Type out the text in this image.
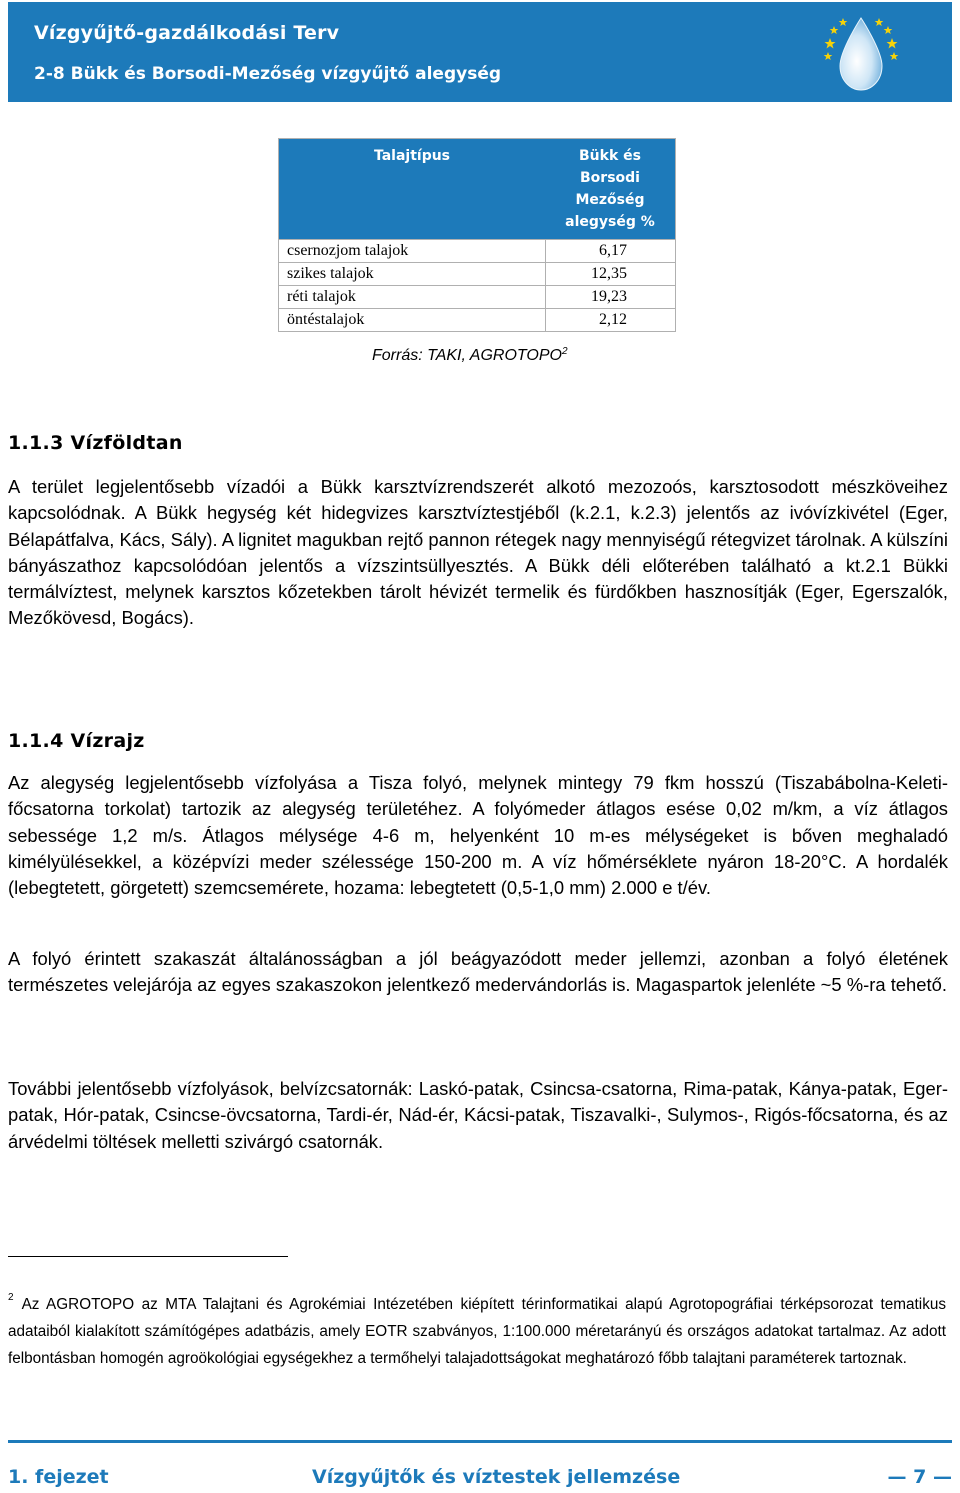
Vízgyűjtő-gazdálkodási Terv
2-8 Bükk és Borsodi-Mezőség vízgyűjtő alegység
Talajtípus	Bükk és
Borsodi
Mezőség
alegység %

csernozjom talajok	6,17
szikes talajok	12,35
réti talajok	19,23
öntéstalajok	2,12
Forrás: TAKI, AGROTOPO$^2$
1.1.3 Vízföldtan

A terület legjelentősebb vízadói a Bükk karsztvízrendszerét alkotó mezozoós, karsztosodott mészköveihez kapcsolódnak. A Bükk hegység két hidegvizes karsztvíztestjéből (k.2.1, k.2.3) jelentős az ivóvízkivétel (Eger, Bélapátfalva, Kács, Sály). A lignitet magukban rejtő pannon rétegek nagy mennyiségű rétegvizet tárolnak. A külszíni bányászathoz kapcsolódóan jelentős a vízszintsüllyesztés. A Bükk déli előterében található a kt.2.1 Bükki termálvíztest, melynek karsztos kőzetekben tárolt hévizét termelik és fürdőkben hasznosítják (Eger, Egerszalók, Mezőkövesd, Bogács).

1.1.4 Vízrajz

Az alegység legjelentősebb vízfolyása a Tisza folyó, melynek mintegy 79 fkm hosszú (Tiszabábolna-Keleti-főcsatorna torkolat) tartozik az alegység területéhez. A folyómeder átlagos esése 0,02 m/km, a víz átlagos sebessége 1,2 m/s. Átlagos mélysége 4-6 m, helyenként 10 m-es mélységeket is bőven meghaladó kimélyülésekkel, a középvízi meder szélessége 150-200 m. A víz hőmérséklete nyáron 18-20°C. A hordalék (lebegtetett, görgetett) szemcsemérete, hozama: lebegtetett (0,5-1,0 mm) 2.000 e t/év.

A folyó érintett szakaszát általánosságban a jól beágyazódott meder jellemzi, azonban a folyó életének természetes velejárója az egyes szakaszokon jelentkező medervándorlás is. Magaspartok jelenléte ~5 %-ra tehető.

További jelentősebb vízfolyások, belvízcsatornák: Laskó-patak, Csincsa-csatorna, Rima-patak, Kánya-patak, Eger-patak, Hór-patak, Csincse-övcsatorna, Tardi-ér, Nád-ér, Kácsi-patak, Tiszavalki-, Sulymos-, Rigós-főcsatorna, és az árvédelmi töltések melletti szivárgó csatornák.

$^2$ Az AGROTOPO az MTA Talajtani és Agrokémiai Intézetében kiépített térinformatikai alapú Agrotopográfiai térképsorozat tematikus adataiból kialakított számítógépes adatbázis, amely EOTR szabványos, 1:100.000 méretarányú és országos adatokat tartalmaz. Az adott felbontásban homogén agroökológiai egységekhez a termőhelyi talajadottságokat meghatározó főbb talajtani paraméterek tartoznak.

1. fejezet	Vízgyűjtők és víztestek jellemzése	— 7 —
